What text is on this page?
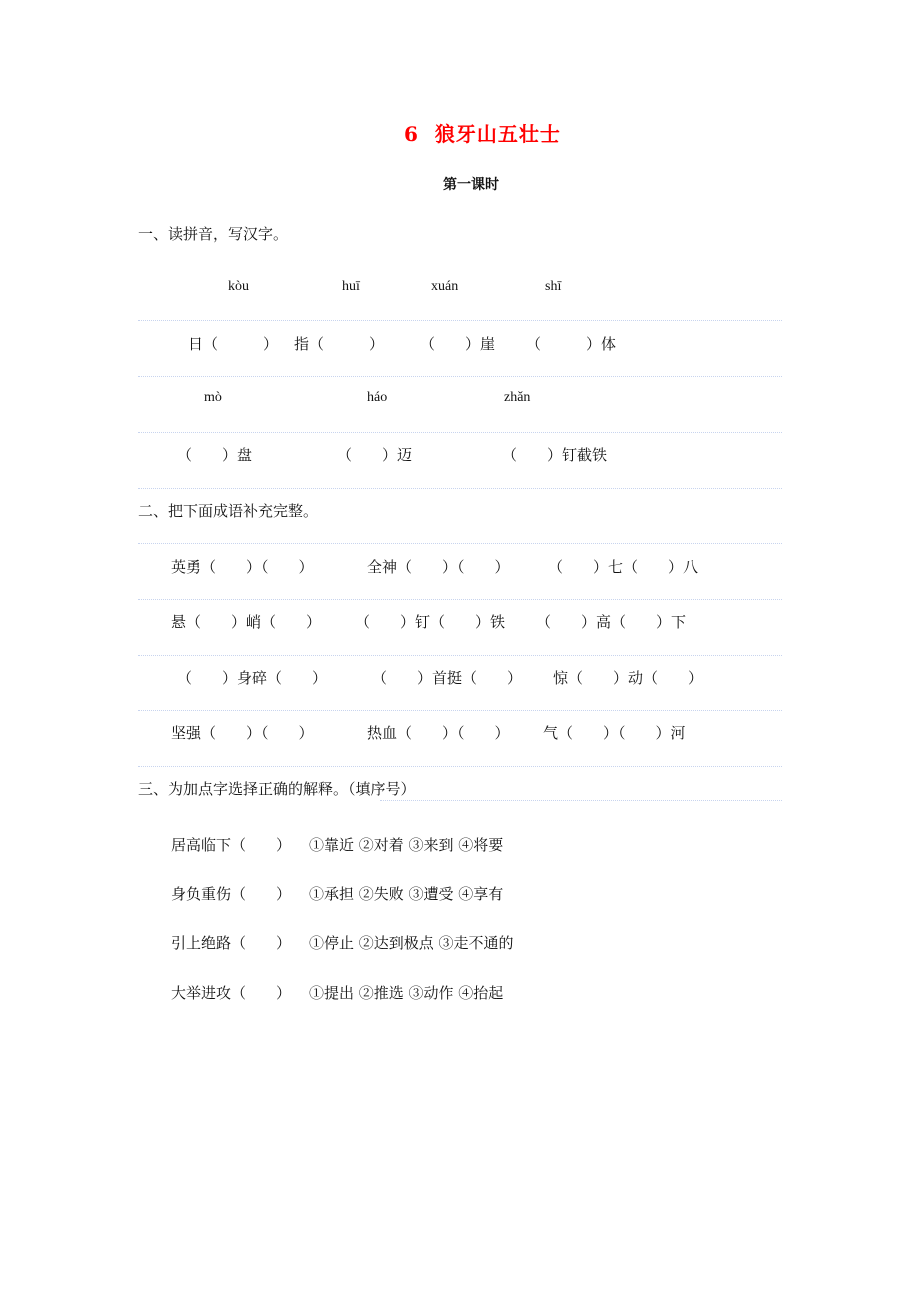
6  狼牙山五壮士
第一课时
一、读拼音，写汉字。
kòu	huī	xuán	shī
日（　　　） 指（　　　） （　　）崖 （　　　）体
mò	háo	zhǎn
（　　）盘	（　　）迈	（　　）钉截铁
二、把下面成语补充完整。
英勇（　　）（　　）	全神（　　）（　　）	（　　）七（　　）八
悬（　　）峭（　　） （　　）钉（　　）铁 （　　）高（　　）下
（　　）身碎（　　）	（　　）首挺（　　） 惊（　　）动（　　）
坚强（　　）（　　）	热血（　　）（　　） 气（　　）（　　）河
三、为加点字选择正确的解释。（填序号）
居高临下（　　） ①靠近 ②对着 ③来到 ④将要
身负重伤（　　） ①承担 ②失败 ③遭受 ④享有
引上绝路（　　） ①停止 ②达到极点 ③走不通的
大举进攻（　　） ①提出 ②推选 ③动作 ④抬起
